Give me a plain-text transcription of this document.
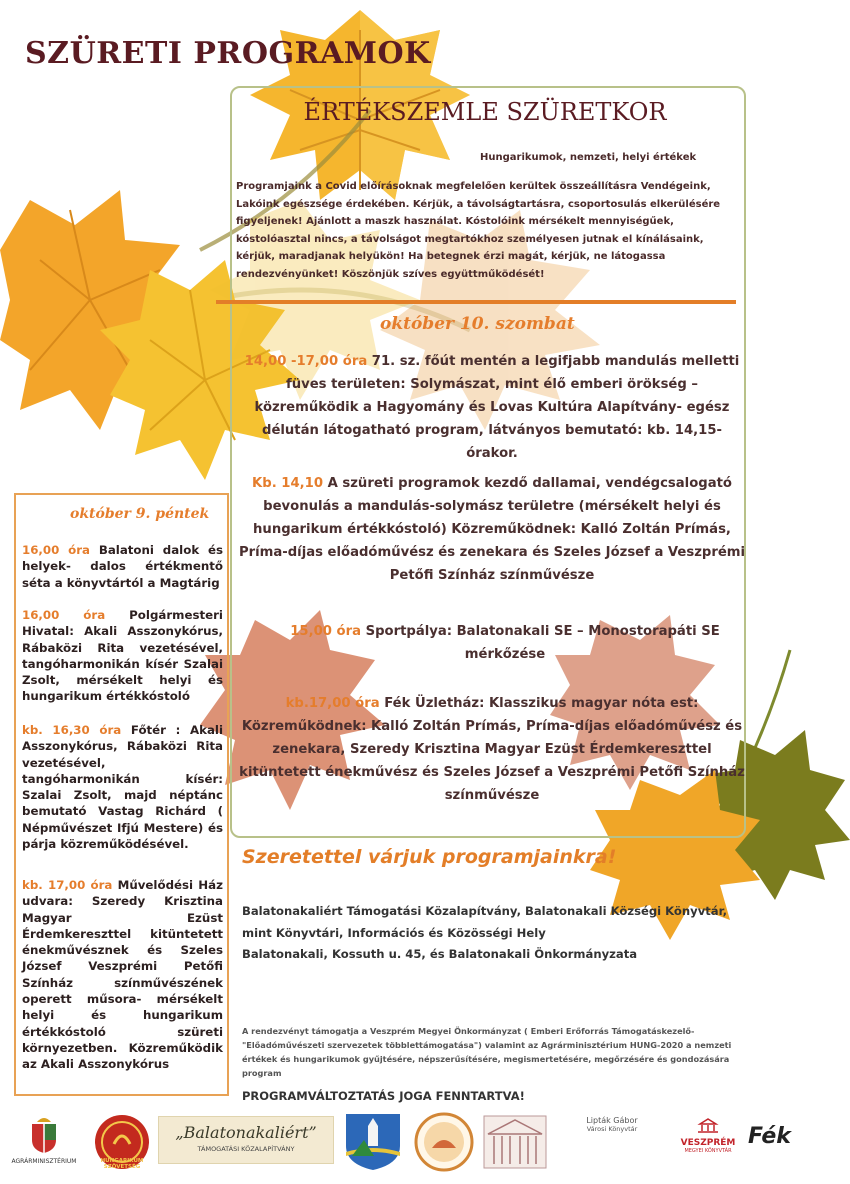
SZÜRETI PROGRAMOK
ÉRTÉKSZEMLE SZÜRETKOR
Hungarikumok, nemzeti, helyi értékek
Programjaink a Covid előírásoknak megfelelően kerültek összeállításra Vendégeink, Lakóink egészsége érdekében. Kérjük, a távolságtartásra, csoportosulás elkerülésére figyeljenek! Ajánlott a maszk használat. Kóstolóink mérsékelt mennyiségűek, kóstolóasztal nincs, a távolságot megtartókhoz személyesen jutnak el kínálásaink, kérjük, maradjanak helyükön! Ha betegnek érzi magát, kérjük, ne látogassa rendezvényünket! Köszönjük szíves együttműködését!
október 10. szombat
14,00 -17,00 óra 71. sz. főút mentén a legifjabb mandulás melletti füves területen: Solymászat, mint élő emberi örökség – közreműködik a Hagyomány és Lovas Kultúra Alapítvány- egész délután látogatható program, látványos bemutató: kb. 14,15-órakor.
Kb. 14,10 A szüreti programok kezdő dallamai, vendégcsalogató bevonulás a mandulás-solymász területre (mérsékelt helyi és hungarikum értékkóstoló) Közreműködnek: Kalló Zoltán Prímás, Príma-díjas előadóművész és zenekara és Szeles József a Veszprémi Petőfi Színház színművésze
15,00 óra Sportpálya: Balatonakali SE – Monostorapáti SE mérkőzése
kb.17,00 óra Fék Üzletház: Klasszikus magyar nóta est: Közreműködnek: Kalló Zoltán Prímás, Príma-díjas előadóművész és zenekara, Szeredy Krisztina Magyar Ezüst Érdemkereszttel kitüntetett énekművész és Szeles József a Veszprémi Petőfi Színház színművésze
október 9. péntek
16,00 óra Balatoni dalok és helyek- dalos értékmentő séta a könyvtártól a Magtárig
16,00 óra Polgármesteri Hivatal: Akali Asszonykórus, Rábaközi Rita vezetésével, tangóharmonikán kísér Szalai Zsolt, mérsékelt helyi és hungarikum értékkóstoló
kb. 16,30 óra Főtér : Akali Asszonykórus, Rábaközi Rita vezetésével, tangóharmonikán kísér: Szalai Zsolt, majd néptánc bemutató Vastag Richárd ( Népművészet Ifjú Mestere) és párja közreműködésével.
kb. 17,00 óra Művelődési Ház udvara: Szeredy Krisztina Magyar Ezüst Érdemkereszttel kitüntetett énekművésznek és Szeles József Veszprémi Petőfi Színház színművészének operett műsora- mérsékelt helyi és hungarikum értékkóstoló szüreti környezetben. Közreműködik az Akali Asszonykórus
Szeretettel várjuk programjainkra!
Balatonakaliért Támogatási Közalapítvány, Balatonakali Községi Könyvtár,
mint Könyvtári, Információs és Közösségi Hely
Balatonakali, Kossuth u. 45, és Balatonakali Önkormányzata
A rendezvényt támogatja a Veszprém Megyei Önkormányzat ( Emberi Erőforrás Támogatáskezelő- "Előadóművészeti szervezetek többlettámogatása") valamint az Agrárminisztérium HUNG-2020 a nemzeti értékek és hungarikumok gyűjtésére, népszerűsítésére, megismertetésére, megőrzésére és gondozására program
PROGRAMVÁLTOZTATÁS JOGA FENNTARTVA!
AGRÁRMINISZTÉRIUM	HUNGARIKUM SZÖVETSÉG
„Balatonakaliért”
TÁMOGATÁSI KÖZALAPÍTVÁNY
Lipták Gábor
Városi Könyvtár
VESZPRÉM
MEGYEI KÖNYVTÁR
Fék
